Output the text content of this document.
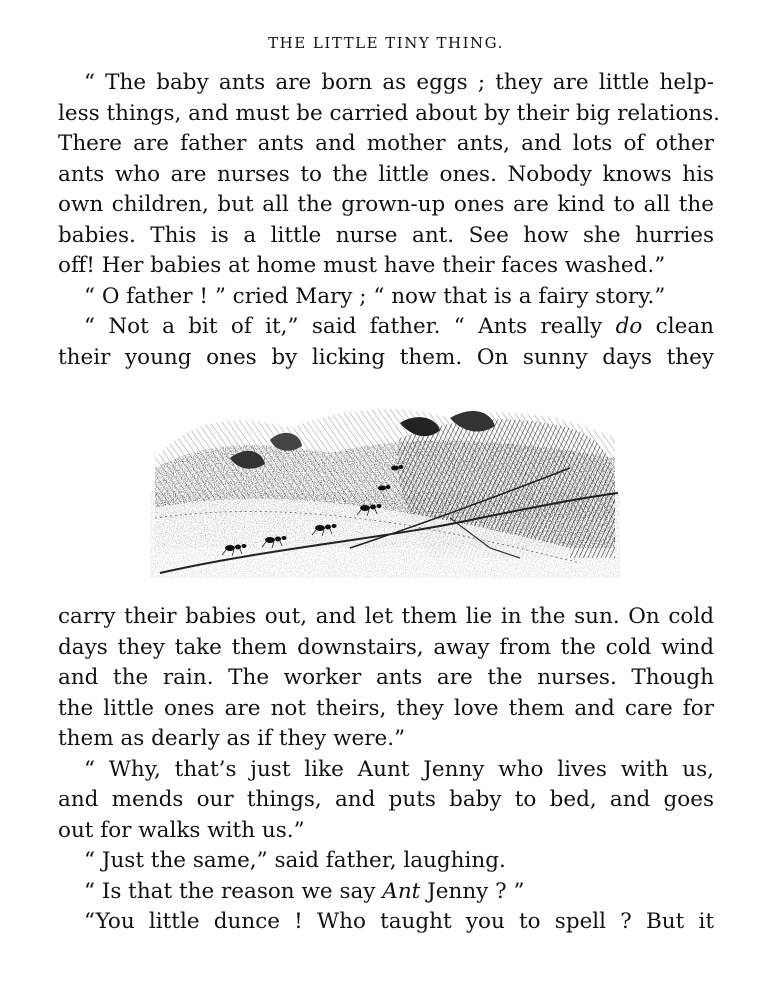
THE LITTLE TINY THING.
“ The baby ants are born as eggs ; they are little help-
less things, and must be carried about by their big relations.
There are father ants and mother ants, and lots of other
ants who are nurses to the little ones. Nobody knows his
own children, but all the grown-up ones are kind to all the
babies. This is a little nurse ant. See how she hurries
off! Her babies at home must have their faces washed.”
“ O father ! ” cried Mary ; “ now that is a fairy story.”
“ Not a bit of it,” said father. “ Ants really do clean
their young ones by licking them. On sunny days they
carry their babies out, and let them lie in the sun. On cold
days they take them downstairs, away from the cold wind
and the rain. The worker ants are the nurses. Though
the little ones are not theirs, they love them and care for
them as dearly as if they were.”
“ Why, that’s just like Aunt Jenny who lives with us,
and mends our things, and puts baby to bed, and goes
out for walks with us.”
“ Just the same,” said father, laughing.
“ Is that the reason we say Ant Jenny ? ”
“You little dunce ! Who taught you to spell ? But it
